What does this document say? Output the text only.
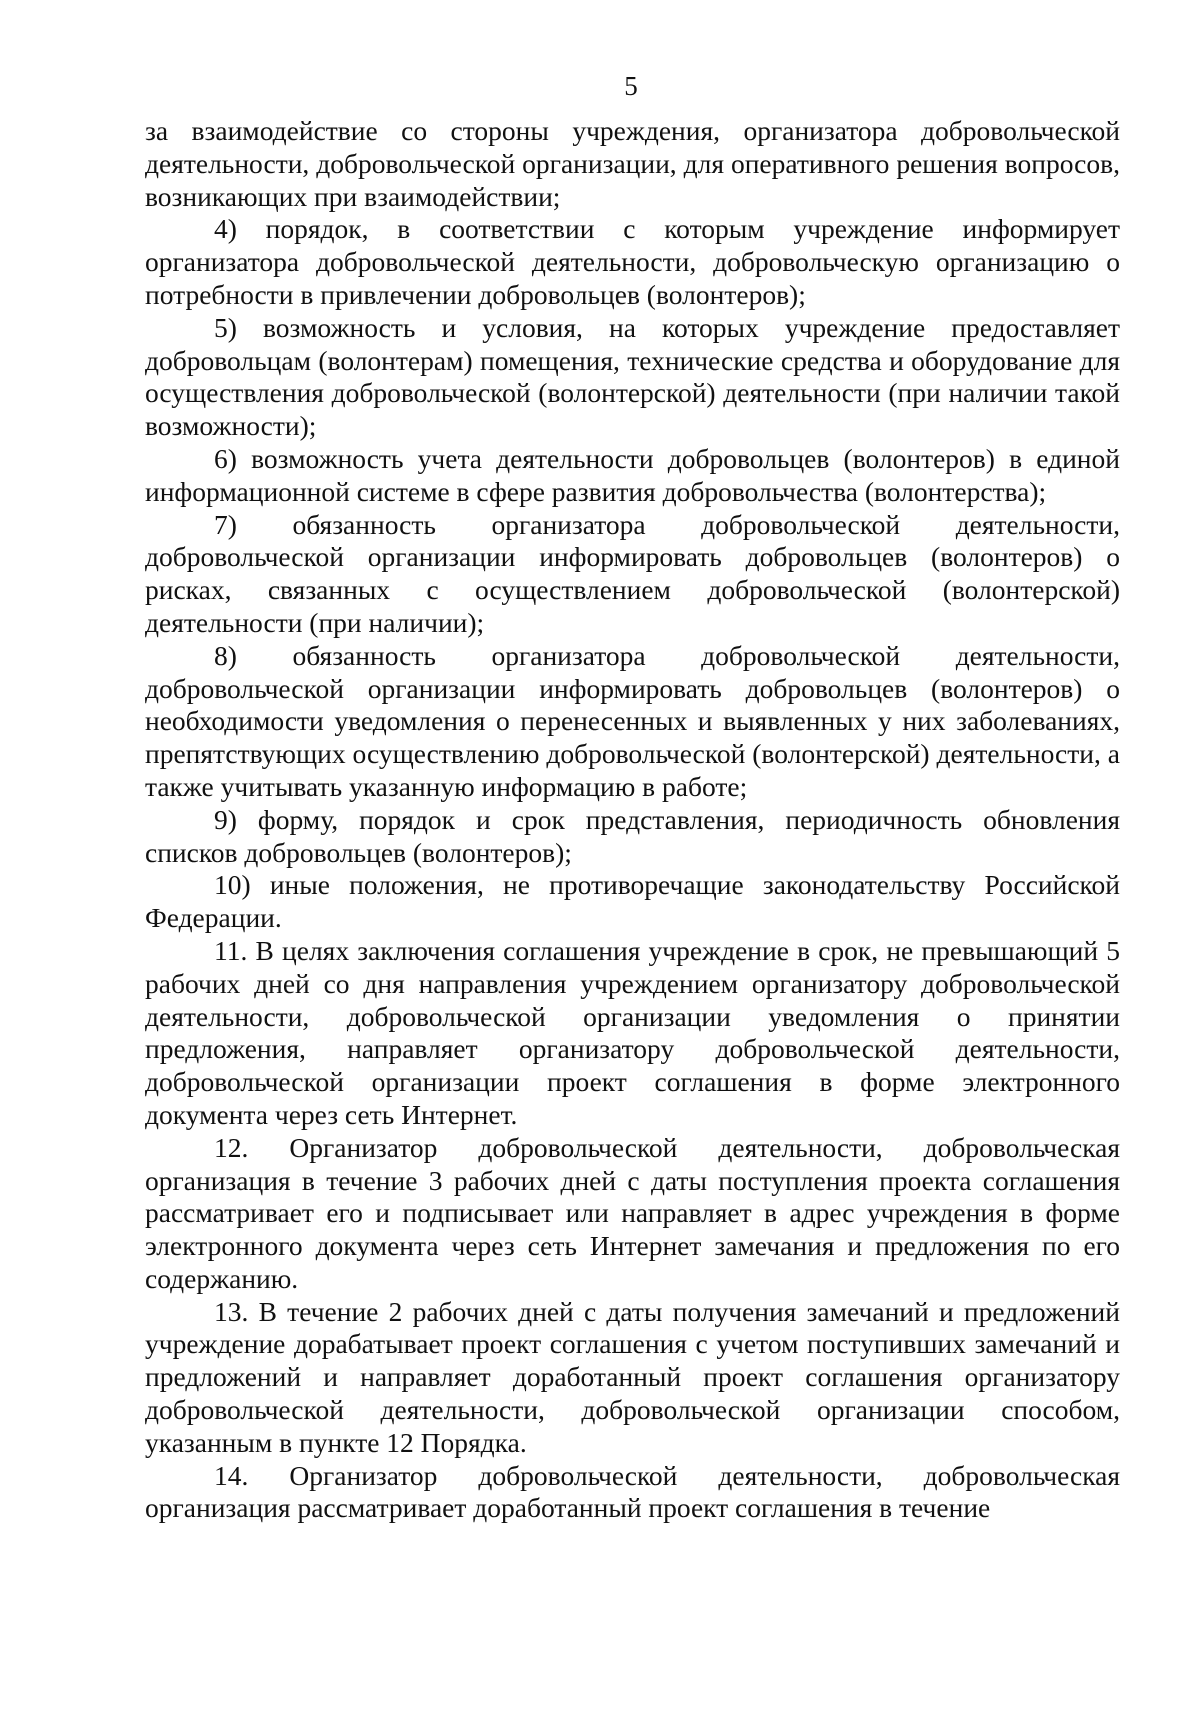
5

за взаимодействие со стороны учреждения, организатора добровольческой деятельности, добровольческой организации, для оперативного решения вопросов, возникающих при взаимодействии;

4) порядок, в соответствии с которым учреждение информирует организатора добровольческой деятельности, добровольческую организацию о потребности в привлечении добровольцев (волонтеров);

5) возможность и условия, на которых учреждение предоставляет добровольцам (волонтерам) помещения, технические средства и оборудование для осуществления добровольческой (волонтерской) деятельности (при наличии такой возможности);

6) возможность учета деятельности добровольцев (волонтеров) в единой информационной системе в сфере развития добровольчества (волонтерства);

7) обязанность организатора добровольческой деятельности, добровольческой организации информировать добровольцев (волонтеров) о рисках, связанных с осуществлением добровольческой (волонтерской) деятельности (при наличии);

8) обязанность организатора добровольческой деятельности, добровольческой организации информировать добровольцев (волонтеров) о необходимости уведомления о перенесенных и выявленных у них заболеваниях, препятствующих осуществлению добровольческой (волонтерской) деятельности, а также учитывать указанную информацию в работе;

9) форму, порядок и срок представления, периодичность обновления списков добровольцев (волонтеров);

10) иные положения, не противоречащие законодательству Российской Федерации.

11. В целях заключения соглашения учреждение в срок, не превышающий 5 рабочих дней со дня направления учреждением организатору добровольческой деятельности, добровольческой организации уведомления о принятии предложения, направляет организатору добровольческой деятельности, добровольческой организации проект соглашения в форме электронного документа через сеть Интернет.

12. Организатор добровольческой деятельности, добровольческая организация в течение 3 рабочих дней с даты поступления проекта соглашения рассматривает его и подписывает или направляет в адрес учреждения в форме электронного документа через сеть Интернет замечания и предложения по его содержанию.

13. В течение 2 рабочих дней с даты получения замечаний и предложений учреждение дорабатывает проект соглашения с учетом поступивших замечаний и предложений и направляет доработанный проект соглашения организатору добровольческой деятельности, добровольческой организации способом, указанным в пункте 12 Порядка.

14. Организатор добровольческой деятельности, добровольческая организация рассматривает доработанный проект соглашения в течение
